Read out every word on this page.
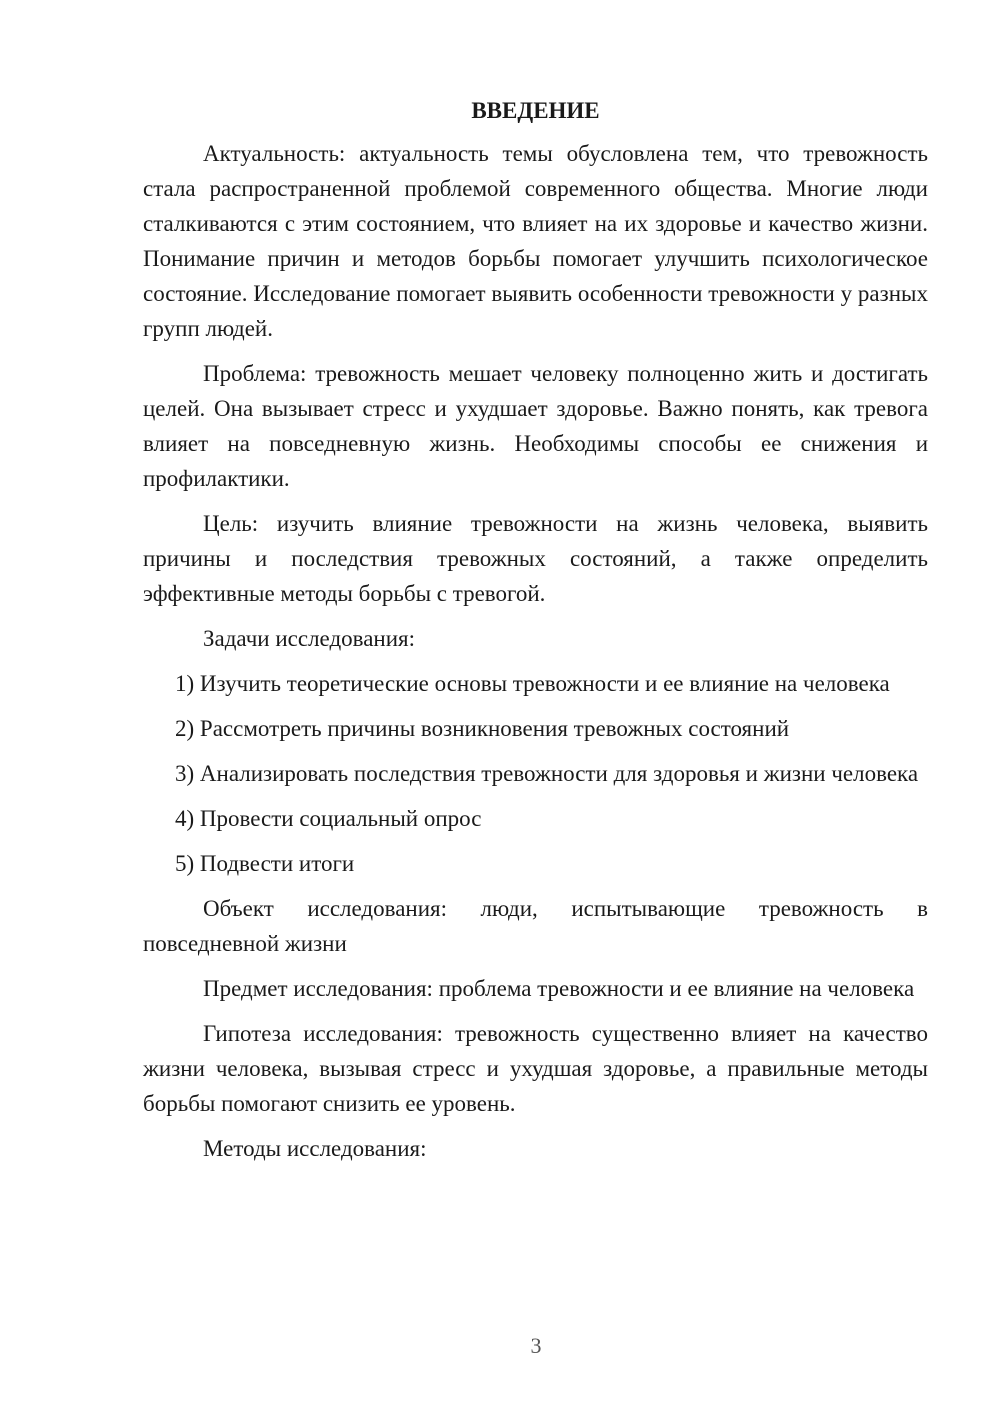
ВВЕДЕНИЕ

Актуальность: актуальность темы обусловлена тем, что тревожность стала распространенной проблемой современного общества. Многие люди сталкиваются с этим состоянием, что влияет на их здоровье и качество жизни. Понимание причин и методов борьбы помогает улучшить психологическое состояние. Исследование помогает выявить особенности тревожности у разных групп людей.

Проблема: тревожность мешает человеку полноценно жить и достигать целей. Она вызывает стресс и ухудшает здоровье. Важно понять, как тревога влияет на повседневную жизнь. Необходимы способы ее снижения и профилактики.

Цель: изучить влияние тревожности на жизнь человека, выявить причины и последствия тревожных состояний, а также определить эффективные методы борьбы с тревогой.

Задачи исследования:

1) Изучить теоретические основы тревожности и ее влияние на человека

2) Рассмотреть причины возникновения тревожных состояний

3) Анализировать последствия тревожности для здоровья и жизни человека

4) Провести социальный опрос

5) Подвести итоги

Объект исследования: люди, испытывающие тревожность в повседневной жизни

Предмет исследования: проблема тревожности и ее влияние на человека

Гипотеза исследования: тревожность существенно влияет на качество жизни человека, вызывая стресс и ухудшая здоровье, а правильные методы борьбы помогают снизить ее уровень.

Методы исследования:

3
